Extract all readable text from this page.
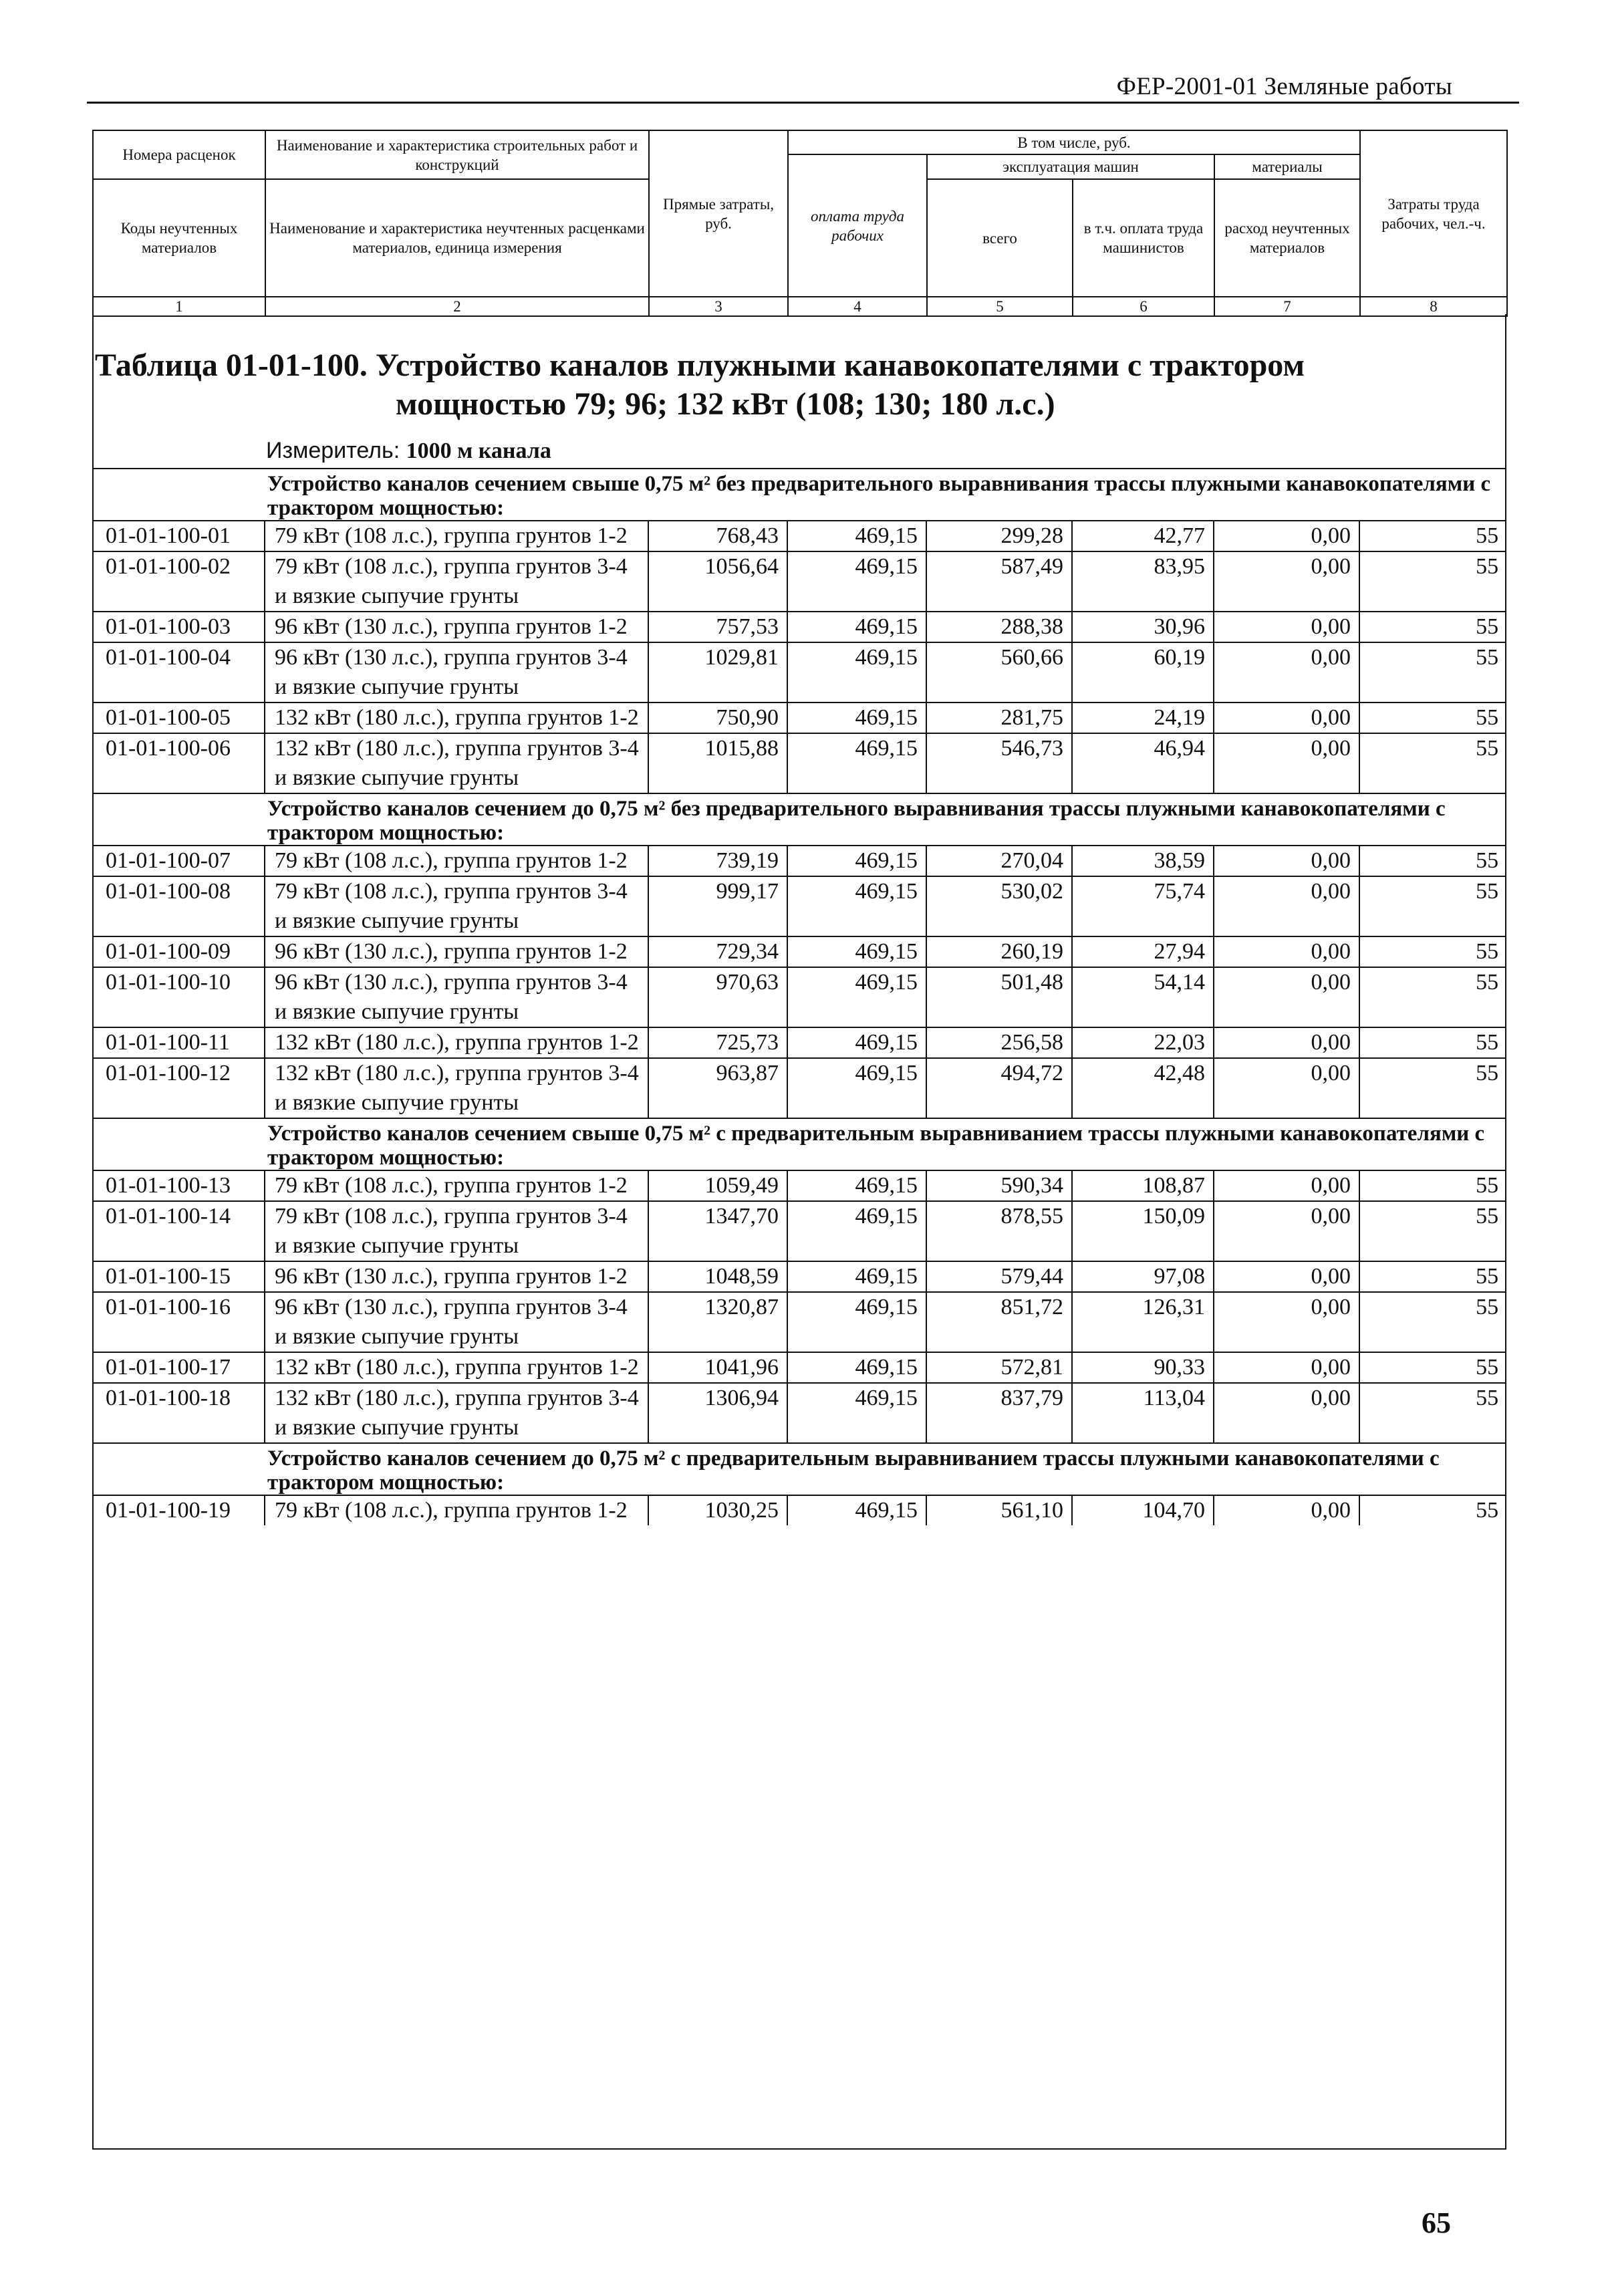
ФЕР-2001-01 Земляные работы
Номера расценок	Наименование и характеристика строительных работ и конструкций	Прямые затраты, руб.	В том числе, руб.				Затраты труда рабочих, чел.-ч.
			оплата труда рабочих	эксплуатация машин		материалы	
Коды неучтенных материалов	Наименование и характеристика неучтенных расценками материалов, единица измерения			всего	в т.ч. оплата труда машинистов	расход неучтенных материалов	

1	2	3	4	5	6	7	8
Таблица 01-01-100. Устройство каналов плужными канавокопателями с трактором
мощностью 79; 96; 132 кВт (108; 130; 180 л.с.)
Измеритель: 1000 м канала
Устройство каналов сечением свыше 0,75 м² без предварительного выравнивания трассы плужными канавокопателями с трактором мощностью:							
01-01-100-01	79 кВт (108 л.с.), группа грунтов 1-2	768,43	469,15	299,28	42,77	0,00	55
01-01-100-02	79 кВт (108 л.с.), группа грунтов 3-4 и вязкие сыпучие грунты	1056,64	469,15	587,49	83,95	0,00	55
01-01-100-03	96 кВт (130 л.с.), группа грунтов 1-2	757,53	469,15	288,38	30,96	0,00	55
01-01-100-04	96 кВт (130 л.с.), группа грунтов 3-4 и вязкие сыпучие грунты	1029,81	469,15	560,66	60,19	0,00	55
01-01-100-05	132 кВт (180 л.с.), группа грунтов 1-2	750,90	469,15	281,75	24,19	0,00	55
01-01-100-06	132 кВт (180 л.с.), группа грунтов 3-4 и вязкие сыпучие грунты	1015,88	469,15	546,73	46,94	0,00	55
Устройство каналов сечением до 0,75 м² без предварительного выравнивания трассы плужными канавокопателями с трактором мощностью:							
01-01-100-07	79 кВт (108 л.с.), группа грунтов 1-2	739,19	469,15	270,04	38,59	0,00	55
01-01-100-08	79 кВт (108 л.с.), группа грунтов 3-4 и вязкие сыпучие грунты	999,17	469,15	530,02	75,74	0,00	55
01-01-100-09	96 кВт (130 л.с.), группа грунтов 1-2	729,34	469,15	260,19	27,94	0,00	55
01-01-100-10	96 кВт (130 л.с.), группа грунтов 3-4 и вязкие сыпучие грунты	970,63	469,15	501,48	54,14	0,00	55
01-01-100-11	132 кВт (180 л.с.), группа грунтов 1-2	725,73	469,15	256,58	22,03	0,00	55
01-01-100-12	132 кВт (180 л.с.), группа грунтов 3-4 и вязкие сыпучие грунты	963,87	469,15	494,72	42,48	0,00	55
Устройство каналов сечением свыше 0,75 м² с предварительным выравниванием трассы плужными канавокопателями с трактором мощностью:							
01-01-100-13	79 кВт (108 л.с.), группа грунтов 1-2	1059,49	469,15	590,34	108,87	0,00	55
01-01-100-14	79 кВт (108 л.с.), группа грунтов 3-4 и вязкие сыпучие грунты	1347,70	469,15	878,55	150,09	0,00	55
01-01-100-15	96 кВт (130 л.с.), группа грунтов 1-2	1048,59	469,15	579,44	97,08	0,00	55
01-01-100-16	96 кВт (130 л.с.), группа грунтов 3-4 и вязкие сыпучие грунты	1320,87	469,15	851,72	126,31	0,00	55
01-01-100-17	132 кВт (180 л.с.), группа грунтов 1-2	1041,96	469,15	572,81	90,33	0,00	55
01-01-100-18	132 кВт (180 л.с.), группа грунтов 3-4 и вязкие сыпучие грунты	1306,94	469,15	837,79	113,04	0,00	55
Устройство каналов сечением до 0,75 м² с предварительным выравниванием трассы плужными канавокопателями с трактором мощностью:							
01-01-100-19	79 кВт (108 л.с.), группа грунтов 1-2	1030,25	469,15	561,10	104,70	0,00	55
65
